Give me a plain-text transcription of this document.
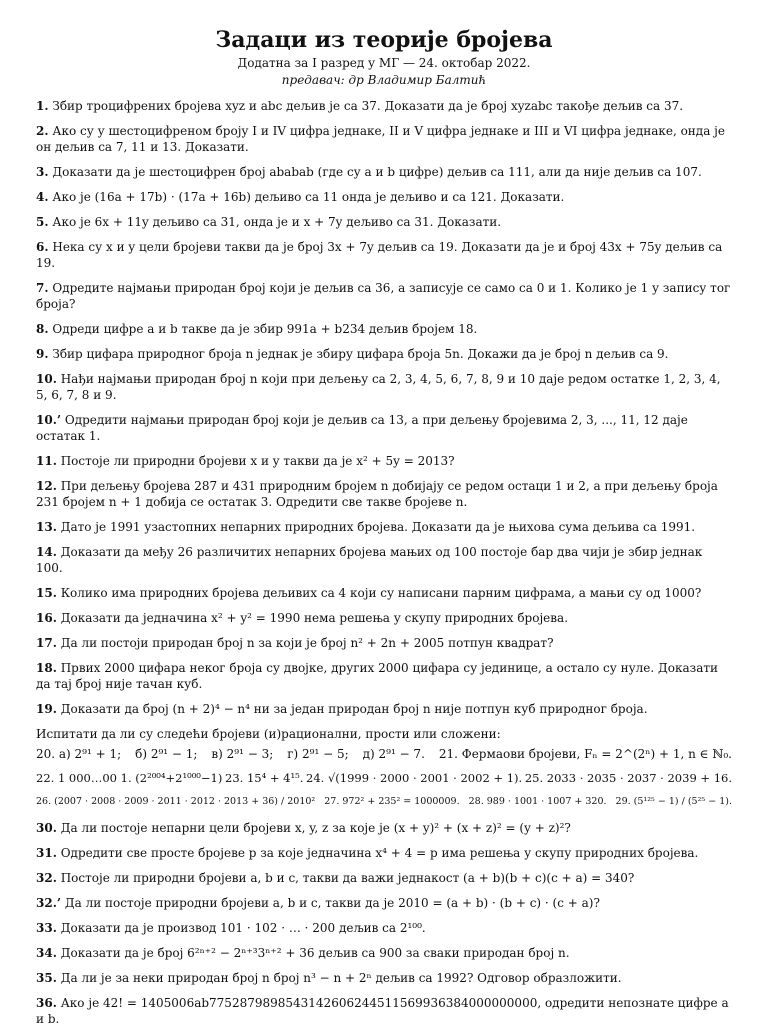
Задаци из теорије бројева
Додатна за I разред у МГ — 24. октобар 2022.
предавач: др Владимир Балтић
1. Збир троцифрених бројева xyz и abc дељив је са 37. Доказати да је број xyzabc такође дељив са 37.
2. Ако су у шестоцифреном броју I и IV цифра једнаке, II и V цифра једнаке и III и VI цифра једнаке, онда је он дељив са 7, 11 и 13. Доказати.
3. Доказати да је шестоцифрен број ababab (где су a и b цифре) дељив са 111, али да није дељив са 107.
4. Ако је (16a + 17b) · (17a + 16b) дељиво са 11 онда је дељиво и са 121. Доказати.
5. Ако је 6x + 11y дељиво са 31, онда је и x + 7y дељиво са 31. Доказати.
6. Нека су x и y цели бројеви такви да је број 3x + 7y дељив са 19. Доказати да је и број 43x + 75y дељив са 19.
7. Одредите најмањи природан број који је дељив са 36, а записује се само са 0 и 1. Колико је 1 у запису тог броја?
8. Одреди цифре a и b такве да је збир 991a + b234 дељив бројем 18.
9. Збир цифара природног броја n једнак је збиру цифара броја 5n. Докажи да је број n дељив са 9.
10. Нађи најмањи природан број n који при дељењу са 2, 3, 4, 5, 6, 7, 8, 9 и 10 даје редом остатке 1, 2, 3, 4, 5, 6, 7, 8 и 9.
10.’ Одредити најмањи природан број који је дељив са 13, а при дељењу бројевима 2, 3, ..., 11, 12 даје остатак 1.
11. Постоје ли природни бројеви x и y такви да је x² + 5y = 2013?
12. При дељењу бројева 287 и 431 природним бројем n добијају се редом остаци 1 и 2, а при дељењу броја 231 бројем n + 1 добија се остатак 3. Одредити све такве бројеве n.
13. Дато је 1991 узастопних непарних природних бројева. Доказати да је њихова сума дељива са 1991.
14. Доказати да међу 26 различитих непарних бројева мањих од 100 постоје бар два чији је збир једнак 100.
15. Колико има природних бројева дељивих са 4 који су написани парним цифрама, а мањи су од 1000?
16. Доказати да једначина x² + y² = 1990 нема решења у скупу природних бројева.
17. Да ли постоји природан број n за који је број n² + 2n + 2005 потпун квадрат?
18. Првих 2000 цифара неког броја су двојке, других 2000 цифара су јединице, а остало су нуле. Доказати да тај број није тачан куб.
19. Доказати да број (n + 2)⁴ − n⁴ ни за један природан број n није потпун куб природног броја.
Испитати да ли су следећи бројеви (и)рационални, прости или сложени:
20. а) 2⁹¹ + 1; б) 2⁹¹ − 1; в) 2⁹¹ − 3; г) 2⁹¹ − 5; д) 2⁹¹ − 7. 21. Фермаови бројеви, Fₙ = 2^(2ⁿ) + 1, n ∈ ℕ₀.
22. 1 000…00 1. (2²⁰⁰⁴+2¹⁰⁰⁰−1) 23. 15⁴ + 4¹⁵. 24. √(1999 · 2000 · 2001 · 2002 + 1). 25. 2033 · 2035 · 2037 · 2039 + 16.
26. (2007 · 2008 · 2009 · 2011 · 2012 · 2013 + 36) / 2010² 27. 972² + 235² = 1000009. 28. 989 · 1001 · 1007 + 320. 29. (5¹²⁵ − 1) / (5²⁵ − 1).
30. Да ли постоје непарни цели бројеви x, y, z за које је (x + y)² + (x + z)² = (y + z)²?
31. Одредити све просте бројеве p за које једначина x⁴ + 4 = p има решења у скупу природних бројева.
32. Постоје ли природни бројеви a, b и c, такви да важи једнакост (a + b)(b + c)(c + a) = 340?
32.’ Да ли постоје природни бројеви a, b и c, такви да је 2010 = (a + b) · (b + c) · (c + a)?
33. Доказати да је производ 101 · 102 · … · 200 дељив са 2¹⁰⁰.
34. Доказати да је број 6²ⁿ⁺² − 2ⁿ⁺³3ⁿ⁺² + 36 дељив са 900 за сваки природан број n.
35. Да ли је за неки природан број n број n³ − n + 2ⁿ дељив са 1992? Одговор образложити.
36. Ако је 42! = 1405006ab7752879898543142606244511569936384000000000, одредити непознате цифре a и b.
